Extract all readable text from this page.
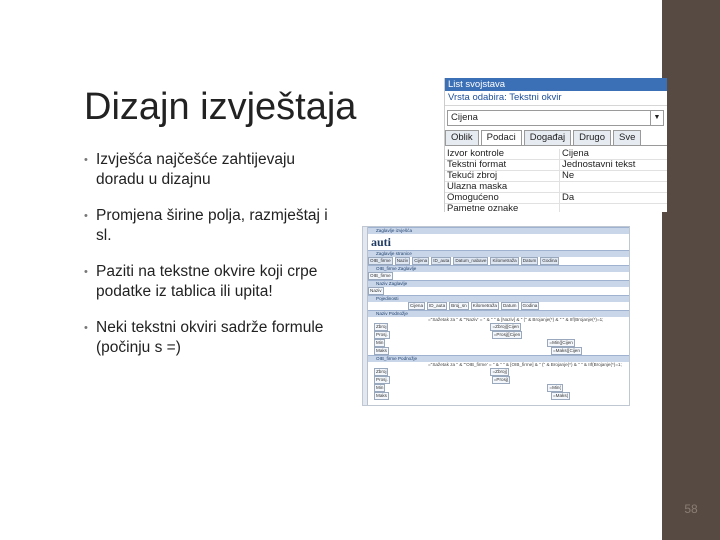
58
Dizajn izvještaja
• Izvješća najčešće zahtijevaju doradu u dizajnu
• Promjena širine polja, razmještaj i sl.
• Paziti na tekstne okvire koji crpe podatke iz tablica ili upita!
• Neki tekstni okviri sadrže formule (počinju s =)
List svojstava
Vrsta odabira: Tekstni okvir
Cijena	▼
Oblik	Podaci	Događaj	Drugo	Sve
Izvor kontrole	Cijena
Tekstni format	Jednostavni tekst
Tekući zbroj	Ne
Ulazna maska	
Omogućeno	Da
Pametne oznake	
Zaglavlje izvješća
auti
Zaglavlje stranice
OIB_firme	Naziv	Cijena	ID_auta	Datum_nabave	Kilometraža	Datum	Godina
OIB_firme Zaglavlje
OIB_firme
Naziv Zaglavlje
Naziv
Pojedinosti
Cijena	ID_auta	Broj_sn	Kilometraža	Datum	Godina
Naziv Podnožje
="Sažetak za " & "'Naziv' = " & " " & [Naziv] & " (" & Brojanje(*) & " " & IIf(Brojanje(*)=1;
Zbroj	=Zbroj([Cijen
Prosj.	=Prosj([Cijen
Min	=Min([Cijen
Maks	=Maks([Cijen
OIB_firme Podnožje
="Sažetak za " & "'OIB_firme' = " & " " & [OIB_firme] & " (" & Brojanje(*) & " " & IIf(Brojanje(*)=1;
Zbroj	=Zbroj(
Prosj.	=Prosj(
Min	=Min(
Maks	=Maks(
